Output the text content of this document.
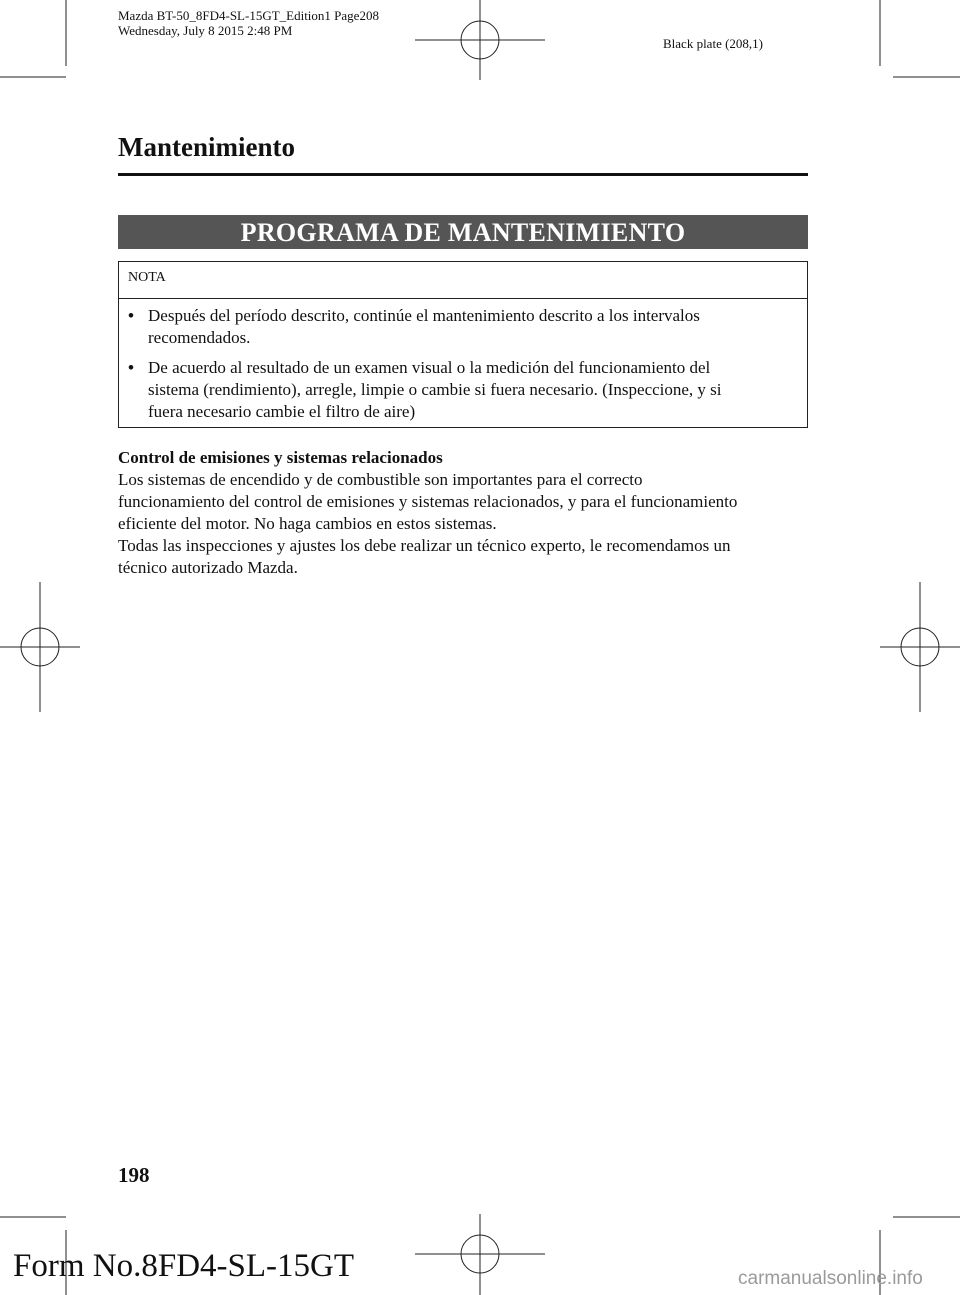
Mazda BT-50_8FD4-SL-15GT_Edition1 Page208
Wednesday, July 8 2015 2:48 PM
Black plate (208,1)
Mantenimiento
PROGRAMA DE MANTENIMIENTO
NOTA
• Después del período descrito, continúe el mantenimiento descrito a los intervalos
recomendados.
• De acuerdo al resultado de un examen visual o la medición del funcionamiento del
sistema (rendimiento), arregle, limpie o cambie si fuera necesario. (Inspeccione, y si
fuera necesario cambie el filtro de aire)
Control de emisiones y sistemas relacionados
Los sistemas de encendido y de combustible son importantes para el correcto
funcionamiento del control de emisiones y sistemas relacionados, y para el funcionamiento
eficiente del motor. No haga cambios en estos sistemas.
Todas las inspecciones y ajustes los debe realizar un técnico experto, le recomendamos un
técnico autorizado Mazda.
198
Form No.8FD4-SL-15GT	carmanualsonline.info
